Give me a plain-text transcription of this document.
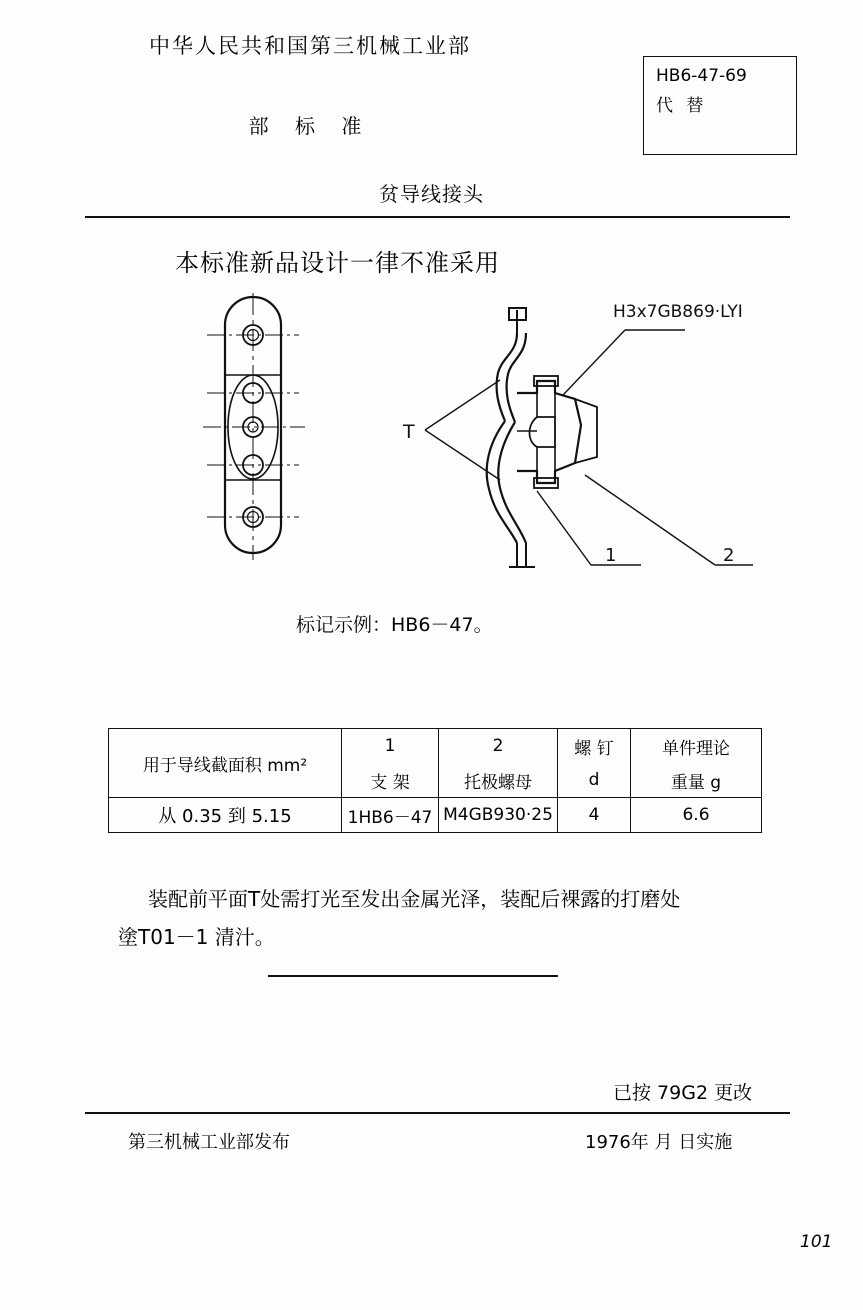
中华人民共和国第三机械工业部
部 标 准
HB6-47-69
代 替
贫导线接头
本标准新品设计一律不准采用
H3x7GB869·LYI
T
1	2
标记示例：HB6－47。
用于导线截面积 mm²	1	2	螺 钉	单件理论
	支 架	托极螺母	d	重量 g
从 0.35 到 5.15	1HB6－47	M4GB930·25	4	6.6
装配前平面T处需打光至发出金属光泽，装配后裸露的打磨处
塗T01－1 清汁。
已按 79G2 更改
第三机械工业部发布	1976年 月 日实施
101
